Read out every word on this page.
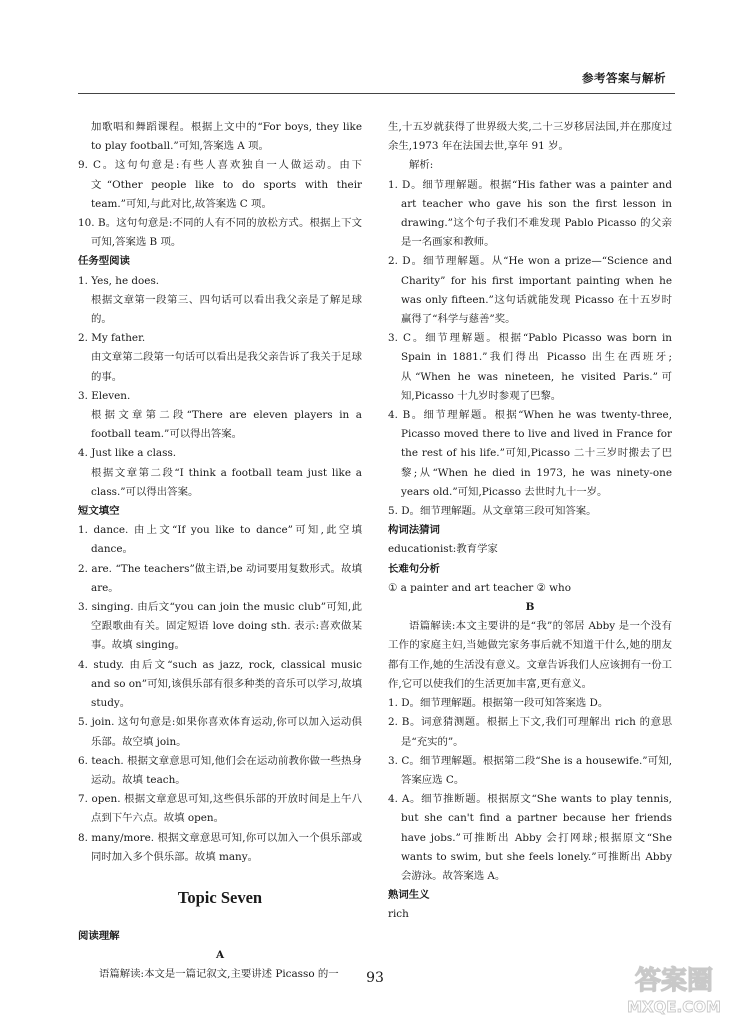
参考答案与解析

加歌唱和舞蹈课程。根据上文中的“For boys, they like to play football.”可知,答案选 A 项。

9. C。这句句意是:有些人喜欢独自一人做运动。由下文“Other people like to do sports with their team.”可知,与此对比,故答案选 C 项。

10. B。这句句意是:不同的人有不同的放松方式。根据上下文可知,答案选 B 项。

任务型阅读

1. Yes, he does.

根据文章第一段第三、四句话可以看出我父亲是了解足球的。

2. My father.

由文章第二段第一句话可以看出是我父亲告诉了我关于足球的事。

3. Eleven.

根据文章第二段“There are eleven players in a football team.”可以得出答案。

4. Just like a class.

根据文章第二段“I think a football team just like a class.”可以得出答案。

短文填空

1. dance. 由上文“If you like to dance”可知,此空填 dance。

2. are. “The teachers”做主语,be 动词要用复数形式。故填 are。

3. singing. 由后文“you can join the music club”可知,此空跟歌曲有关。固定短语 love doing sth. 表示:喜欢做某事。故填 singing。

4. study. 由后文“such as jazz, rock, classical music and so on”可知,该俱乐部有很多种类的音乐可以学习,故填 study。

5. join. 这句句意是:如果你喜欢体育运动,你可以加入运动俱乐部。故空填 join。

6. teach. 根据文章意思可知,他们会在运动前教你做一些热身运动。故填 teach。

7. open. 根据文章意思可知,这些俱乐部的开放时间是上午八点到下午六点。故填 open。

8. many/more. 根据文章意思可知,你可以加入一个俱乐部或同时加入多个俱乐部。故填 many。

Topic Seven

阅读理解

A

语篇解读:本文是一篇记叙文,主要讲述 Picasso 的一

生,十五岁就获得了世界级大奖,二十三岁移居法国,并在那度过余生,1973 年在法国去世,享年 91 岁。

解析:

1. D。细节理解题。根据“His father was a painter and art teacher who gave his son the first lesson in drawing.”这个句子我们不难发现 Pablo Picasso 的父亲是一名画家和教师。

2. D。细节理解题。从“He won a prize—“Science and Charity” for his first important painting when he was only fifteen.”这句话就能发现 Picasso 在十五岁时赢得了“科学与慈善”奖。

3. C。细节理解题。根据“Pablo Picasso was born in Spain in 1881.”我们得出 Picasso 出生在西班牙;从“When he was nineteen, he visited Paris.”可知,Picasso 十九岁时参观了巴黎。

4. B。细节理解题。根据“When he was twenty-three, Picasso moved there to live and lived in France for the rest of his life.”可知,Picasso 二十三岁时搬去了巴黎;从“When he died in 1973, he was ninety-one years old.”可知,Picasso 去世时九十一岁。

5. D。细节理解题。从文章第三段可知答案。

构词法猜词

educationist:教育学家

长难句分析

① a painter and art teacher ② who

B

语篇解读:本文主要讲的是“我”的邻居 Abby 是一个没有工作的家庭主妇,当她做完家务事后就不知道干什么,她的朋友都有工作,她的生活没有意义。文章告诉我们人应该拥有一份工作,它可以使我们的生活更加丰富,更有意义。

1. D。细节理解题。根据第一段可知答案选 D。

2. B。词意猜测题。根据上下文,我们可理解出 rich 的意思是“充实的”。

3. C。细节理解题。根据第二段“She is a housewife.”可知,答案应选 C。

4. A。细节推断题。根据原文“She wants to play tennis, but she can't find a partner because her friends have jobs.”可推断出 Abby 会打网球;根据原文“She wants to swim, but she feels lonely.”可推断出 Abby 会游泳。故答案选 A。

熟词生义

rich

93	答案圈
MXQE.COM
